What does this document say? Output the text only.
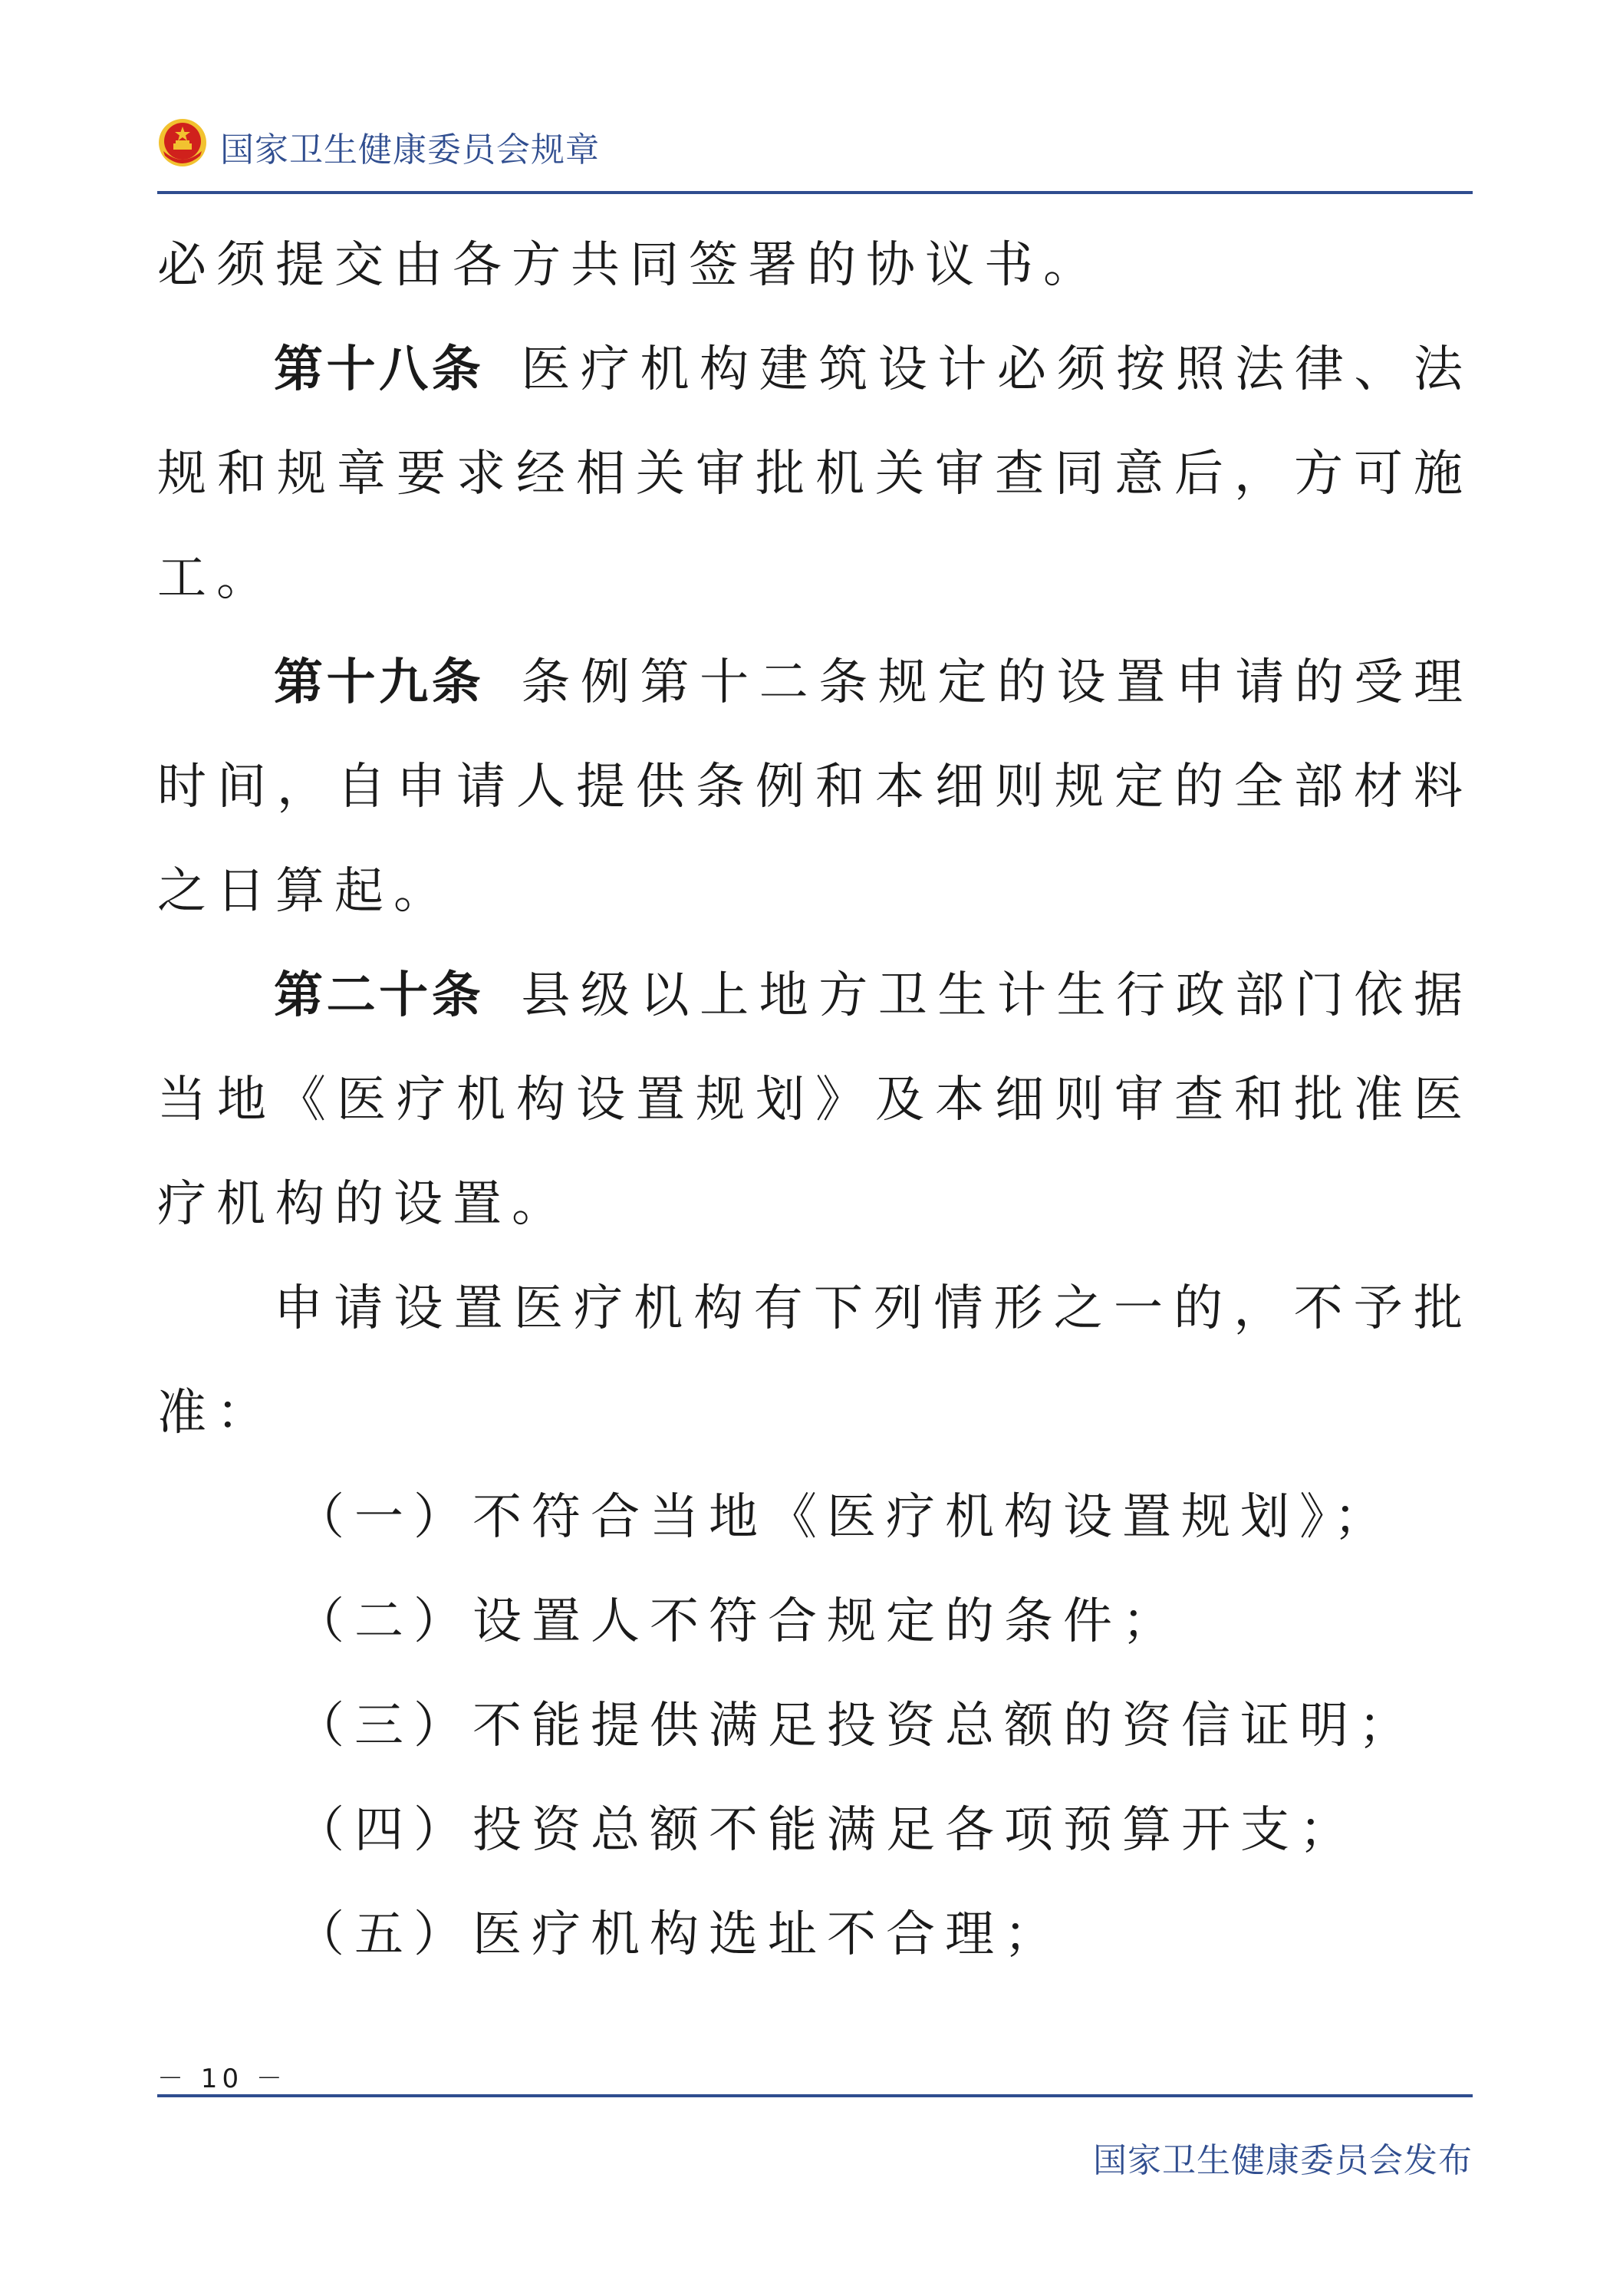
国家卫生健康委员会规章

必须提交由各方共同签署的协议书。

第十八条 医疗机构建筑设计必须按照法律、法规和规章要求经相关审批机关审查同意后，方可施工。

第十九条 条例第十二条规定的设置申请的受理时间，自申请人提供条例和本细则规定的全部材料之日算起。

第二十条 县级以上地方卫生计生行政部门依据当地《医疗机构设置规划》及本细则审查和批准医疗机构的设置。

申请设置医疗机构有下列情形之一的，不予批准：

（一）不符合当地《医疗机构设置规划》；

（二）设置人不符合规定的条件；

（三）不能提供满足投资总额的资信证明；

（四）投资总额不能满足各项预算开支；

（五）医疗机构选址不合理；

－ 10 －
国家卫生健康委员会发布
